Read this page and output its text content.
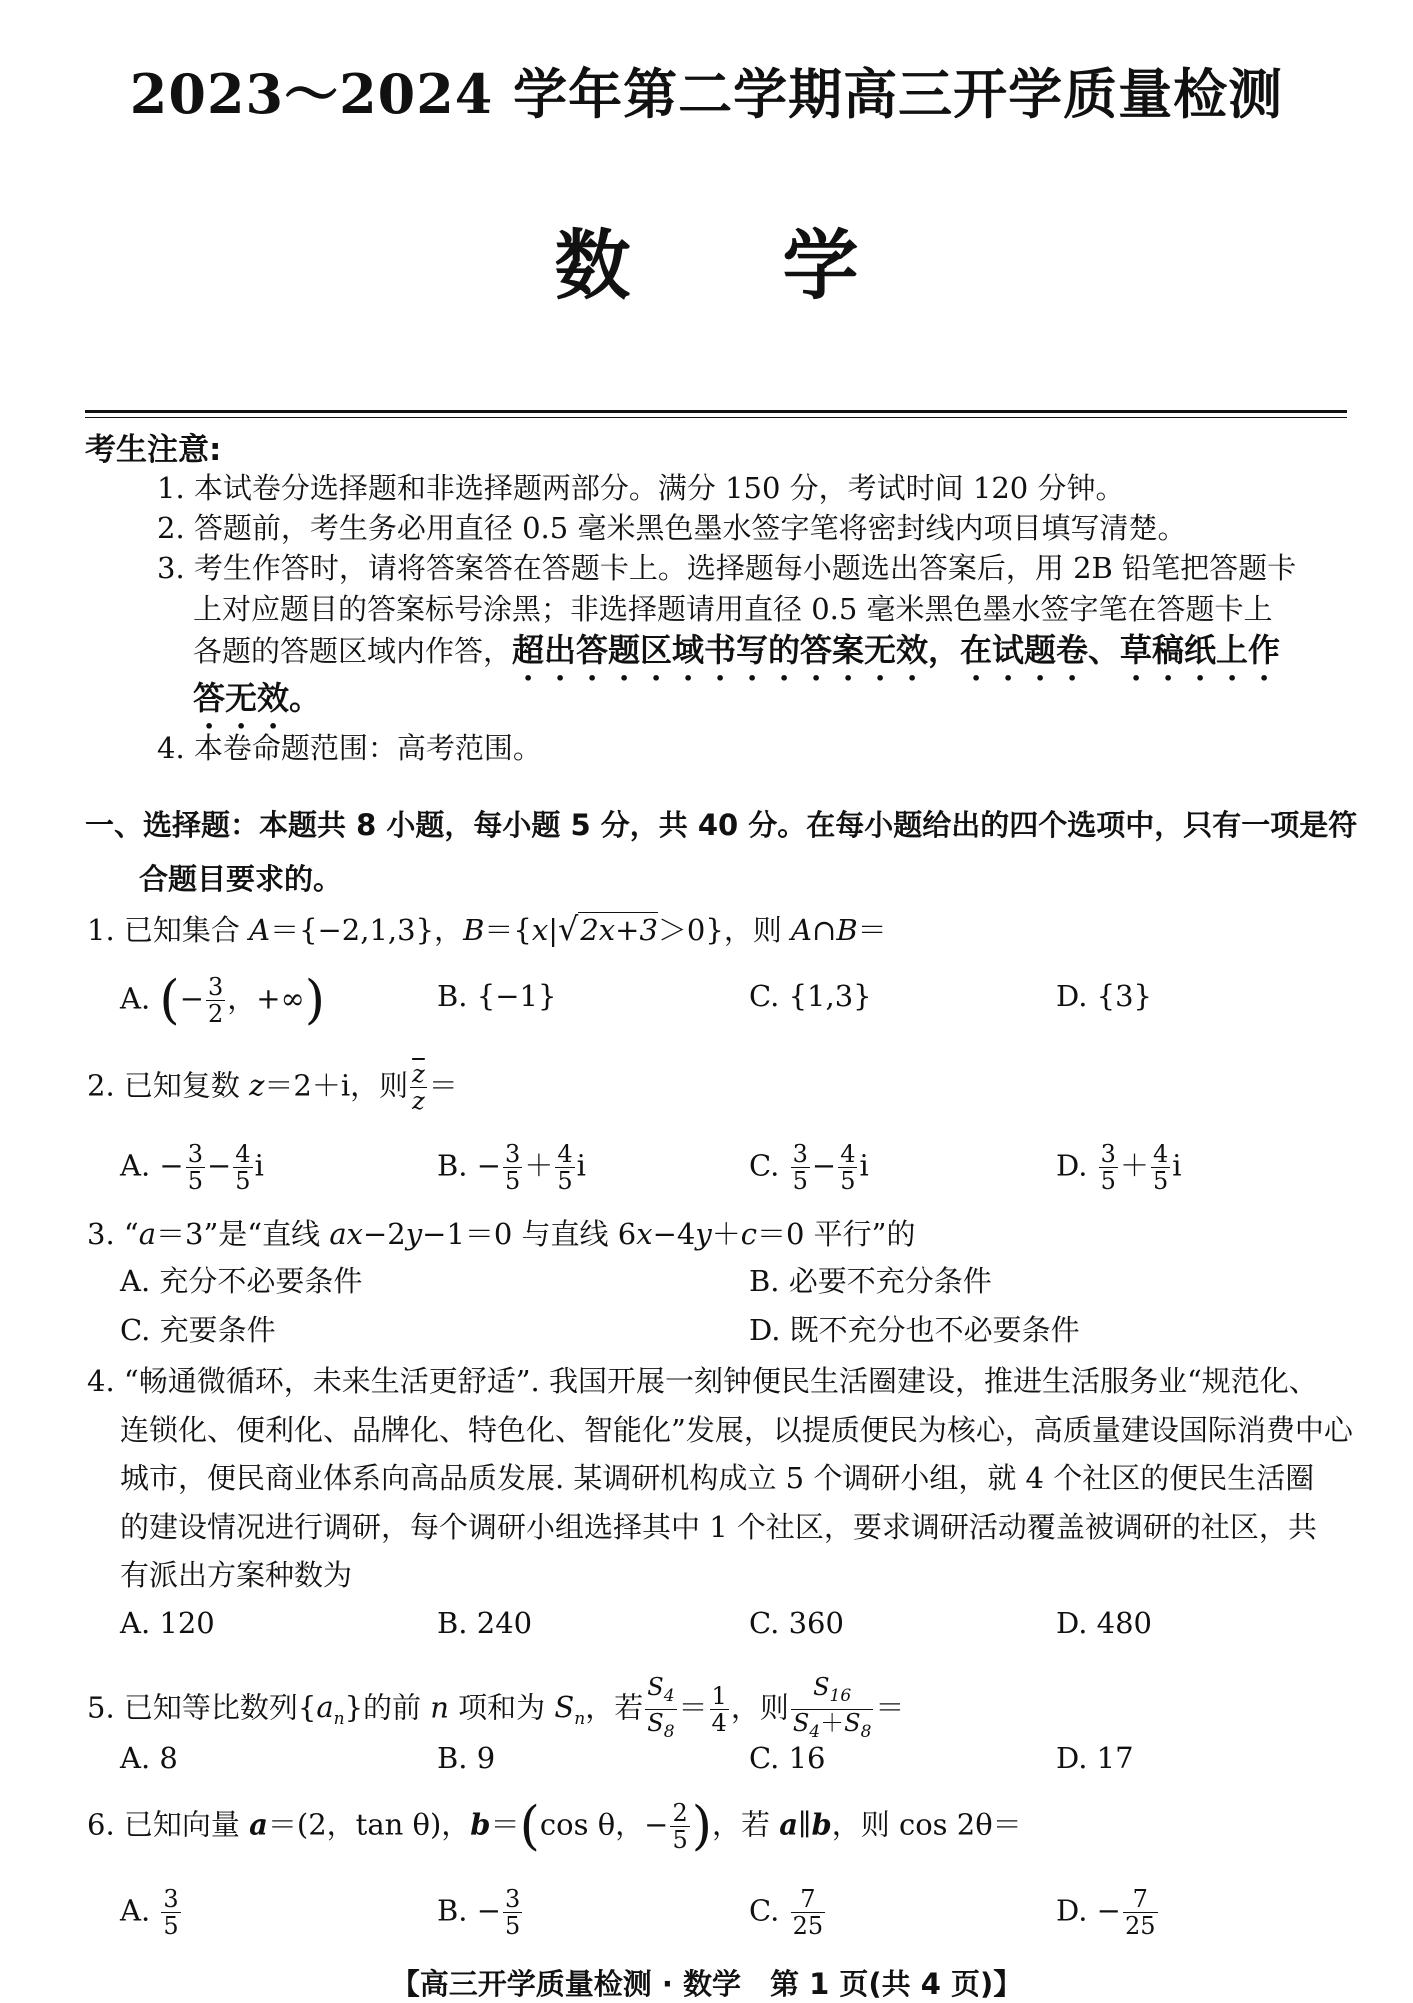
2023～2024 学年第二学期高三开学质量检测
数　　学
考生注意:
1. 本试卷分选择题和非选择题两部分。满分 150 分，考试时间 120 分钟。
2. 答题前，考生务必用直径 0.5 毫米黑色墨水签字笔将密封线内项目填写清楚。
3. 考生作答时，请将答案答在答题卡上。选择题每小题选出答案后，用 2B 铅笔把答题卡
上对应题目的答案标号涂黑；非选择题请用直径 0.5 毫米黑色墨水签字笔在答题卡上
各题的答题区域内作答，超出答题区域书写的答案无效，在试题卷、草稿纸上作
答无效。
4. 本卷命题范围：高考范围。
一、选择题：本题共 8 小题，每小题 5 分，共 40 分。在每小题给出的四个选项中，只有一项是符
合题目要求的。
1. 已知集合 A＝{−2,1,3}，B＝{x|√2x+3＞0}，则 A∩B＝
A. (− $\frac{3}{2}$ ，+∞)	B. {−1}	C. {1,3}	D. {3}
2. 已知复数 z＝2＋i，则 $\frac{\overline{z}}{z}$ ＝
A. − $\frac{3}{5} - \frac{4}{5}$ i	B. − $\frac{3}{5} + \frac{4}{5}$ i	C. $\frac{3}{5} - \frac{4}{5}$ i	D. $\frac{3}{5} + \frac{4}{5}$ i
3. “a＝3”是“直线 ax−2y−1＝0 与直线 6x−4y＋c＝0 平行”的
A. 充分不必要条件	B. 必要不充分条件
C. 充要条件	D. 既不充分也不必要条件
4. “畅通微循环，未来生活更舒适”. 我国开展一刻钟便民生活圈建设，推进生活服务业“规范化、
连锁化、便利化、品牌化、特色化、智能化”发展，以提质便民为核心，高质量建设国际消费中心
城市，便民商业体系向高品质发展. 某调研机构成立 5 个调研小组，就 4 个社区的便民生活圈
的建设情况进行调研，每个调研小组选择其中 1 个社区，要求调研活动覆盖被调研的社区，共
有派出方案种数为
A. 120	B. 240	C. 360	D. 480
5. 已知等比数列$\{a_n\}$的前 n 项和为 $S_n$，若 $\frac{S_4}{S_8} = \frac{1}{4}$ ，则 $\frac{S_{16}}{S_4+S_8}$ ＝
A. 8	B. 9	C. 16	D. 17
6. 已知向量 a＝(2，tan θ)，b＝(cos θ，− $\frac{2}{5}$ )，若 a∥b，则 cos 2θ＝
A. $\frac{3}{5}$	B. − $\frac{3}{5}$	C. $\frac{7}{25}$	D. − $\frac{7}{25}$
【高三开学质量检测 · 数学　第 1 页(共 4 页)】
